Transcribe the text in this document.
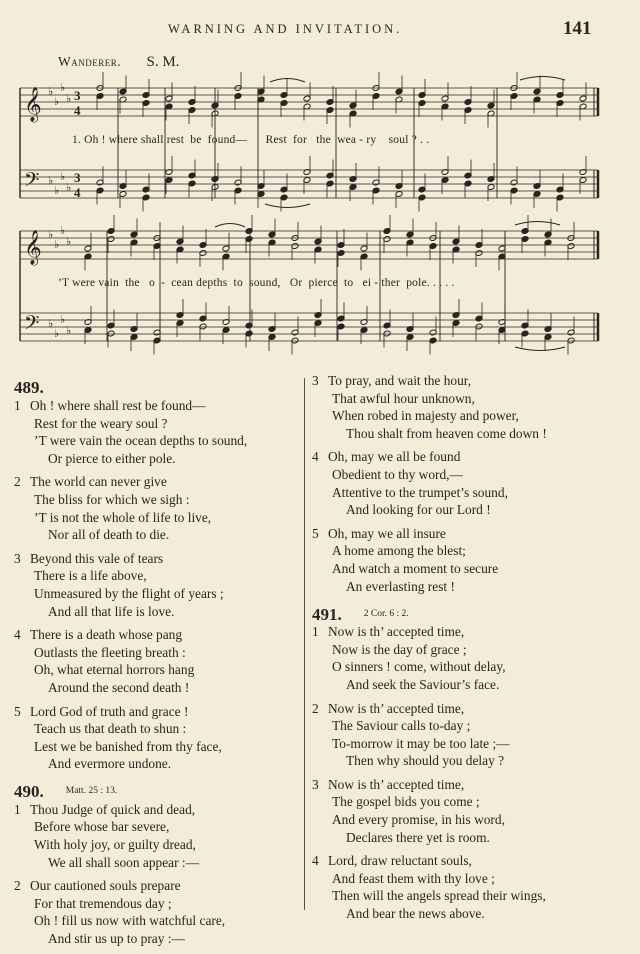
WARNING AND INVITATION.	141
Wanderer. S. M.
𝄞 ♭
♭
♭
♭ 3
4
𝄢 ♭
♭
♭
♭
3
4
𝄞 ♭
♭
♭
♭
𝄢 ♭
♭
♭
♭
1. Oh ! where shall rest  be  found—      Rest  for   the  wea - ry    soul ? . .
’T were vain  the   o  -  cean depths  to  sound,   Or  pierce  to   ei - ther  pole. . . . .
489.
1 Oh ! where shall rest be found—
Rest for the weary soul ?
’T were vain the ocean depths to sound,
Or pierce to either pole.
2 The world can never give
The bliss for which we sigh :
’T is not the whole of life to live,
Nor all of death to die.
3 Beyond this vale of tears
There is a life above,
Unmeasured by the flight of years ;
And all that life is love.
4 There is a death whose pang
Outlasts the fleeting breath :
Oh, what eternal horrors hang
Around the second death !
5 Lord God of truth and grace !
Teach us that death to shun :
Lest we be banished from thy face,
And evermore undone.
490. Matt. 25 : 13.
1 Thou Judge of quick and dead,
Before whose bar severe,
With holy joy, or guilty dread,
We all shall soon appear :—
2 Our cautioned souls prepare
For that tremendous day ;
Oh ! fill us now with watchful care,
And stir us up to pray :—
3 To pray, and wait the hour,
That awful hour unknown,
When robed in majesty and power,
Thou shalt from heaven come down !
4 Oh, may we all be found
Obedient to thy word,—
Attentive to the trumpet’s sound,
And looking for our Lord !
5 Oh, may we all insure
A home among the blest;
And watch a moment to secure
An everlasting rest !
491. 2 Cor. 6 : 2.
1 Now is th’ accepted time,
Now is the day of grace ;
O sinners ! come, without delay,
And seek the Saviour’s face.
2 Now is th’ accepted time,
The Saviour calls to-day ;
To-morrow it may be too late ;—
Then why should you delay ?
3 Now is th’ accepted time,
The gospel bids you come ;
And every promise, in his word,
Declares there yet is room.
4 Lord, draw reluctant souls,
And feast them with thy love ;
Then will the angels spread their wings,
And bear the news above.
